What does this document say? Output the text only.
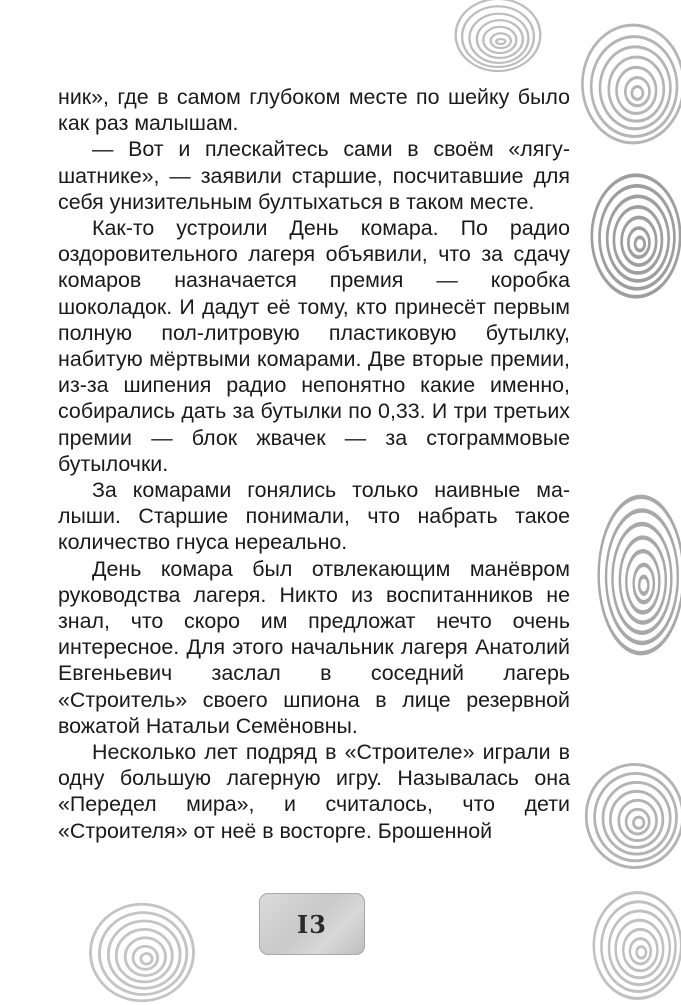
ник», где в самом глубоком месте по шейку было как раз малышам.

— Вот и плескайтесь сами в своём «лягушатнике», — заявили старшие, посчитавшие для себя унизительным бултыхаться в таком месте.

Как-то устроили День комара. По радио оздоровительного лагеря объявили, что за сдачу комаров назначается премия — коробка шоколадок. И дадут её тому, кто принесёт первым полную пол-литровую пластиковую бутылку, набитую мёртвыми комарами. Две вторые премии, из-за шипения радио непонятно какие именно, собирались дать за бутылки по 0,33. И три третьих премии — блок жвачек — за стограммовые бутылочки.

За комарами гонялись только наивные малыши. Старшие понимали, что набрать такое количество гнуса нереально.

День комара был отвлекающим манёвром руководства лагеря. Никто из воспитанников не знал, что скоро им предложат нечто очень интересное. Для этого начальник лагеря Анатолий Евгеньевич заслал в соседний лагерь «Строитель» своего шпиона в лице резервной вожатой Натальи Семёновны.

Несколько лет подряд в «Строителе» играли в одну большую лагерную игру. Называлась она «Передел мира», и считалось, что дети «Строителя» от неё в восторге. Брошенной

I3
